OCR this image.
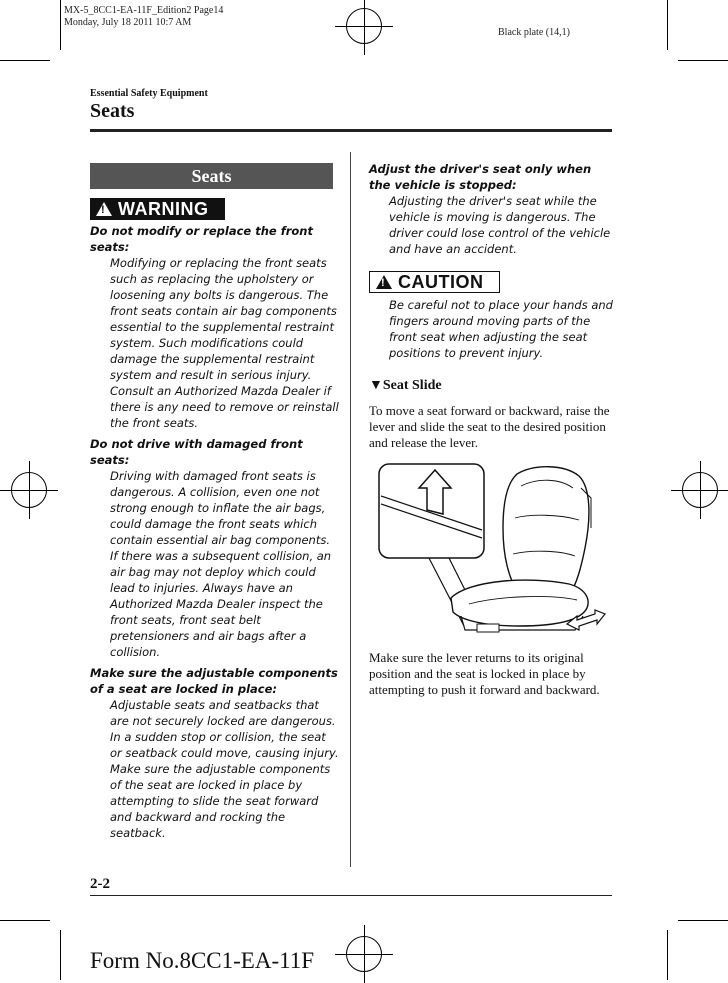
MX-5_8CC1-EA-11F_Edition2 Page14
Monday, July 18 2011 10:7 AM
Black plate (14,1)
Essential Safety Equipment
Seats
Seats
! WARNING
Do not modify or replace the front seats:
Modifying or replacing the front seats such as replacing the upholstery or loosening any bolts is dangerous. The front seats contain air bag components essential to the supplemental restraint system. Such modifications could damage the supplemental restraint system and result in serious injury. Consult an Authorized Mazda Dealer if there is any need to remove or reinstall the front seats.
Do not drive with damaged front seats:
Driving with damaged front seats is dangerous. A collision, even one not strong enough to inflate the air bags, could damage the front seats which contain essential air bag components. If there was a subsequent collision, an air bag may not deploy which could lead to injuries. Always have an Authorized Mazda Dealer inspect the front seats, front seat belt pretensioners and air bags after a collision.
Make sure the adjustable components of a seat are locked in place:
Adjustable seats and seatbacks that are not securely locked are dangerous. In a sudden stop or collision, the seat or seatback could move, causing injury. Make sure the adjustable components of the seat are locked in place by attempting to slide the seat forward and backward and rocking the seatback.
Adjust the driver's seat only when the vehicle is stopped:
Adjusting the driver's seat while the vehicle is moving is dangerous. The driver could lose control of the vehicle and have an accident.
! CAUTION
Be careful not to place your hands and fingers around moving parts of the front seat when adjusting the seat positions to prevent injury.
▼Seat Slide
To move a seat forward or backward, raise the lever and slide the seat to the desired position and release the lever.
Make sure the lever returns to its original position and the seat is locked in place by attempting to push it forward and backward.
2-2
Form No.8CC1-EA-11F
